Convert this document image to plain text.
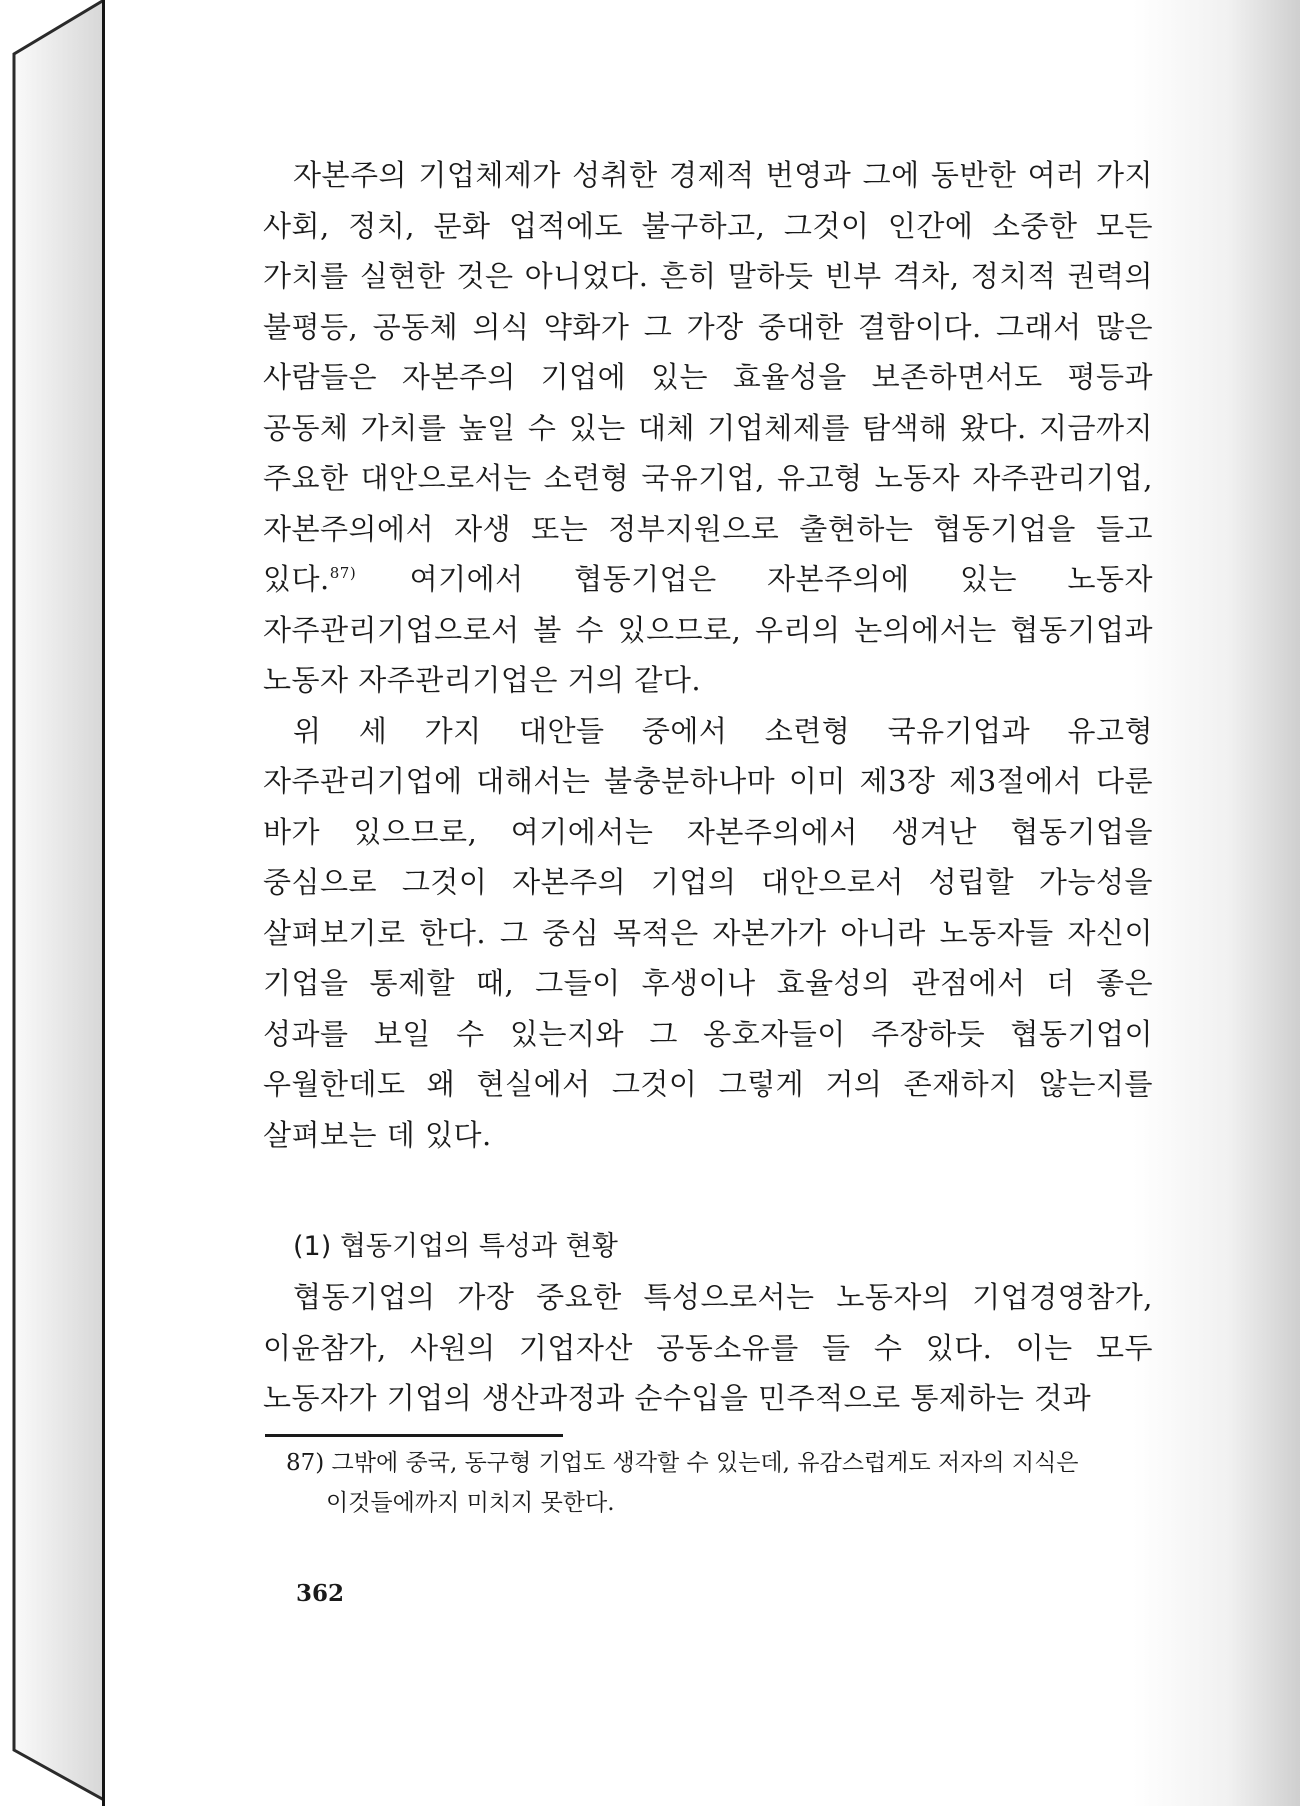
자본주의 기업체제가 성취한 경제적 번영과 그에 동반한 여러 가지 사회, 정치, 문화 업적에도 불구하고, 그것이 인간에 소중한 모든 가치를 실현한 것은 아니었다. 흔히 말하듯 빈부 격차, 정치적 권력의 불평등, 공동체 의식 약화가 그 가장 중대한 결함이다. 그래서 많은 사람들은 자본주의 기업에 있는 효율성을 보존하면서도 평등과 공동체 가치를 높일 수 있는 대체 기업체제를 탐색해 왔다. 지금까지 주요한 대안으로서는 소련형 국유기업, 유고형 노동자 자주관리기업, 자본주의에서 자생 또는 정부지원으로 출현하는 협동기업을 들고 있다.$^{87)}$ 여기에서 협동기업은 자본주의에 있는 노동자 자주관리기업으로서 볼 수 있으므로, 우리의 논의에서는 협동기업과 노동자 자주관리기업은 거의 같다.

위 세 가지 대안들 중에서 소련형 국유기업과 유고형 자주관리기업에 대해서는 불충분하나마 이미 제3장 제3절에서 다룬 바가 있으므로, 여기에서는 자본주의에서 생겨난 협동기업을 중심으로 그것이 자본주의 기업의 대안으로서 성립할 가능성을 살펴보기로 한다. 그 중심 목적은 자본가가 아니라 노동자들 자신이 기업을 통제할 때, 그들이 후생이나 효율성의 관점에서 더 좋은 성과를 보일 수 있는지와 그 옹호자들이 주장하듯 협동기업이 우월한데도 왜 현실에서 그것이 그렇게 거의 존재하지 않는지를 살펴보는 데 있다.

(1) 협동기업의 특성과 현황

협동기업의 가장 중요한 특성으로서는 노동자의 기업경영참가, 이윤참가, 사원의 기업자산 공동소유를 들 수 있다. 이는 모두 노동자가 기업의 생산과정과 순수입을 민주적으로 통제하는 것과

87) 그밖에 중국, 동구형 기업도 생각할 수 있는데, 유감스럽게도 저자의 지식은 이것들에까지 미치지 못한다.

362
